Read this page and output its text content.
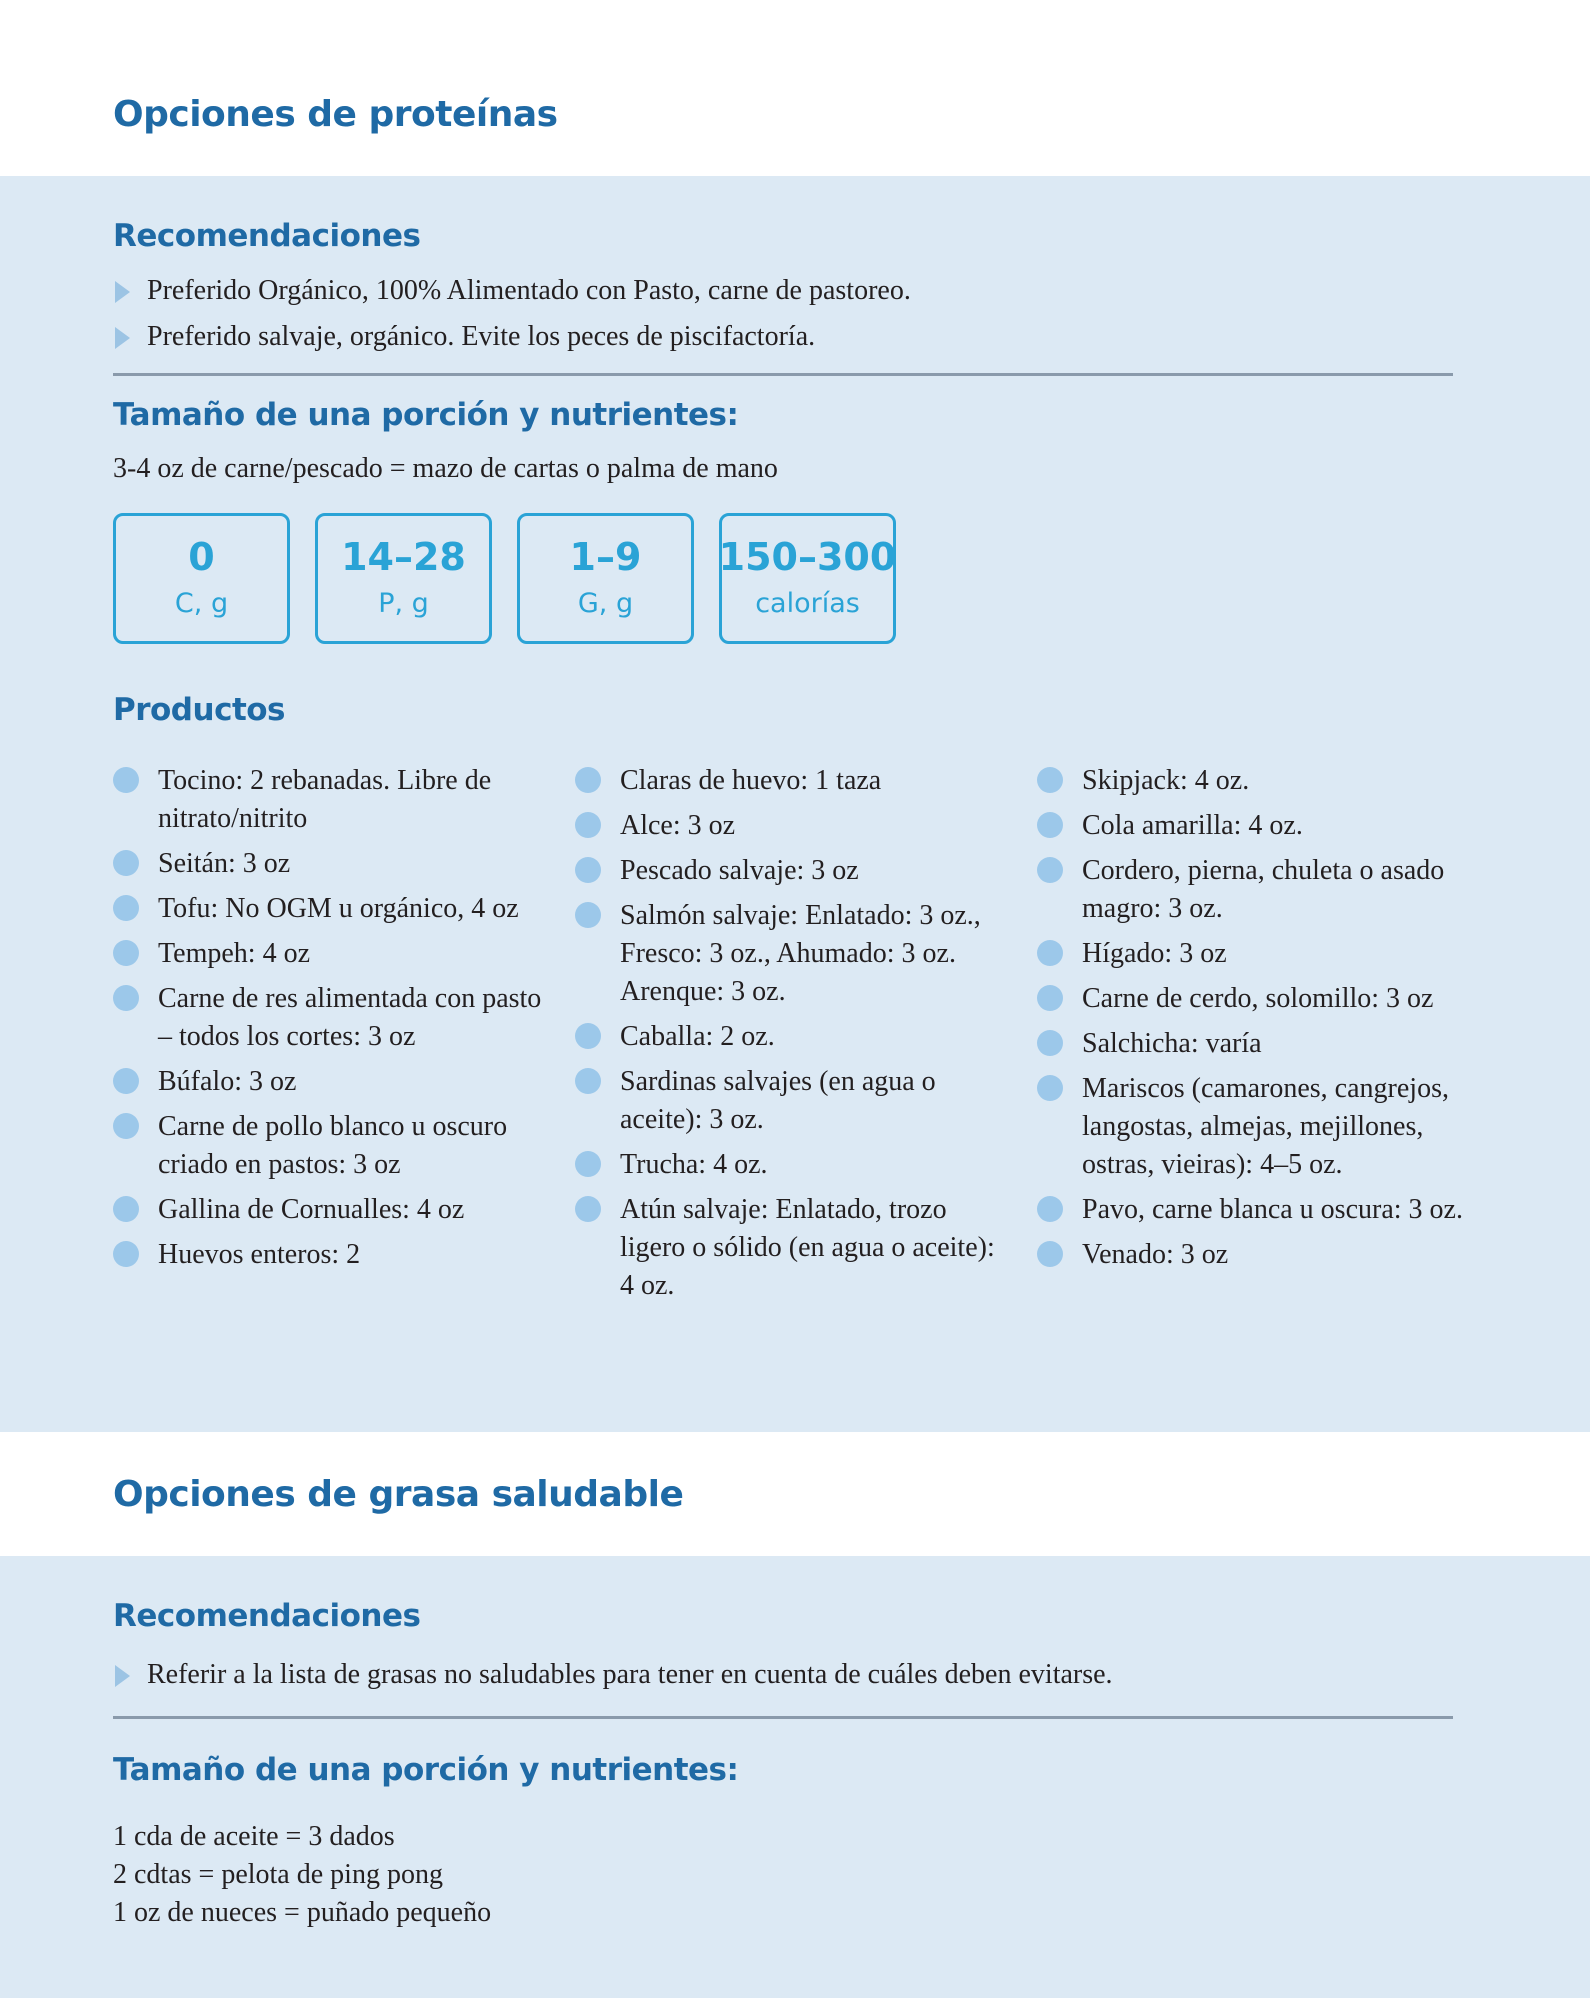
Opciones de proteínas
Recomendaciones
Preferido Orgánico, 100% Alimentado con Pasto, carne de pastoreo.
Preferido salvaje, orgánico. Evite los peces de piscifactoría.
Tamaño de una porción y nutrientes:

3-4 oz de carne/pescado = mazo de cartas o palma de mano

0
C, g
14–28
P, g
1–9
G, g
150–300
calorías
Productos
Tocino: 2 rebanadas. Libre de nitrato/nitrito
Seitán: 3 oz
Tofu: No OGM u orgánico, 4 oz
Tempeh: 4 oz
Carne de res alimentada con pasto – todos los cortes: 3 oz
Búfalo: 3 oz
Carne de pollo blanco u oscuro criado en pastos: 3 oz
Gallina de Cornualles: 4 oz
Huevos enteros: 2
Claras de huevo: 1 taza
Alce: 3 oz
Pescado salvaje: 3 oz
Salmón salvaje: Enlatado: 3 oz., Fresco: 3 oz., Ahumado: 3 oz. Arenque: 3 oz.
Caballa: 2 oz.
Sardinas salvajes (en agua o aceite): 3 oz.
Trucha: 4 oz.
Atún salvaje: Enlatado, trozo ligero o sólido (en agua o aceite): 4 oz.
Skipjack: 4 oz.
Cola amarilla: 4 oz.
Cordero, pierna, chuleta o asado magro: 3 oz.
Hígado: 3 oz
Carne de cerdo, solomillo: 3 oz
Salchicha: varía
Mariscos (camarones, cangrejos, langostas, almejas, mejillones, ostras, vieiras): 4–5 oz.
Pavo, carne blanca u oscura: 3 oz.
Venado: 3 oz
Opciones de grasa saludable
Recomendaciones
Referir a la lista de grasas no saludables para tener en cuenta de cuáles deben evitarse.
Tamaño de una porción y nutrientes:
1 cda de aceite = 3 dados
2 cdtas = pelota de ping pong
1 oz de nueces = puñado pequeño
